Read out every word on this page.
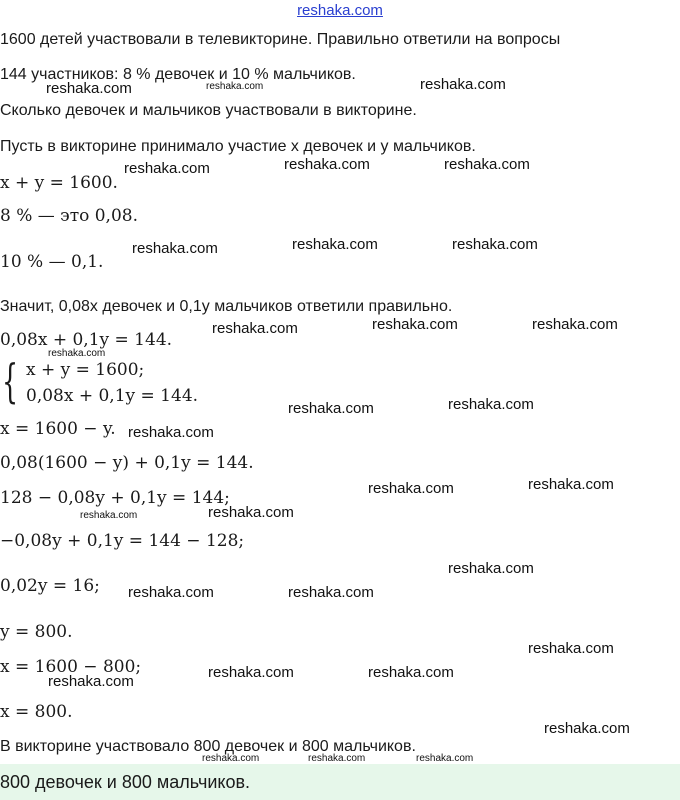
reshaka.com
1600 детей участвовали в телевикторине. Правильно ответили на вопросы
144 участников: 8 % девочек и 10 % мальчиков.
Сколько девочек и мальчиков участвовали в викторине.
Пусть в викторине принимало участие x девочек и y мальчиков.
x + y = 1600.
8 % — это 0,08.
10 % — 0,1.
Значит, 0,08x девочек и 0,1y мальчиков ответили правильно.
0,08x + 0,1y = 144.
{ x + y = 1600;
0,08x + 0,1y = 144.
x = 1600 − y.
0,08(1600 − y) + 0,1y = 144.
128 − 0,08y + 0,1y = 144;
−0,08y + 0,1y = 144 − 128;
0,02y = 16;
y = 800.
x = 1600 − 800;
x = 800.
В викторине участвовало 800 девочек и 800 мальчиков.
800 девочек и 800 мальчиков.
reshaka.com	reshaka.com	reshaka.com
reshaka.com	reshaka.com	reshaka.com
reshaka.com	reshaka.com	reshaka.com
reshaka.com	reshaka.com	reshaka.com
reshaka.com
reshaka.com	reshaka.com
reshaka.com
reshaka.com	reshaka.com
reshaka.com	reshaka.com
reshaka.com
reshaka.com	reshaka.com
reshaka.com
reshaka.com	reshaka.com
reshaka.com
reshaka.com
reshaka.com	reshaka.com	reshaka.com
